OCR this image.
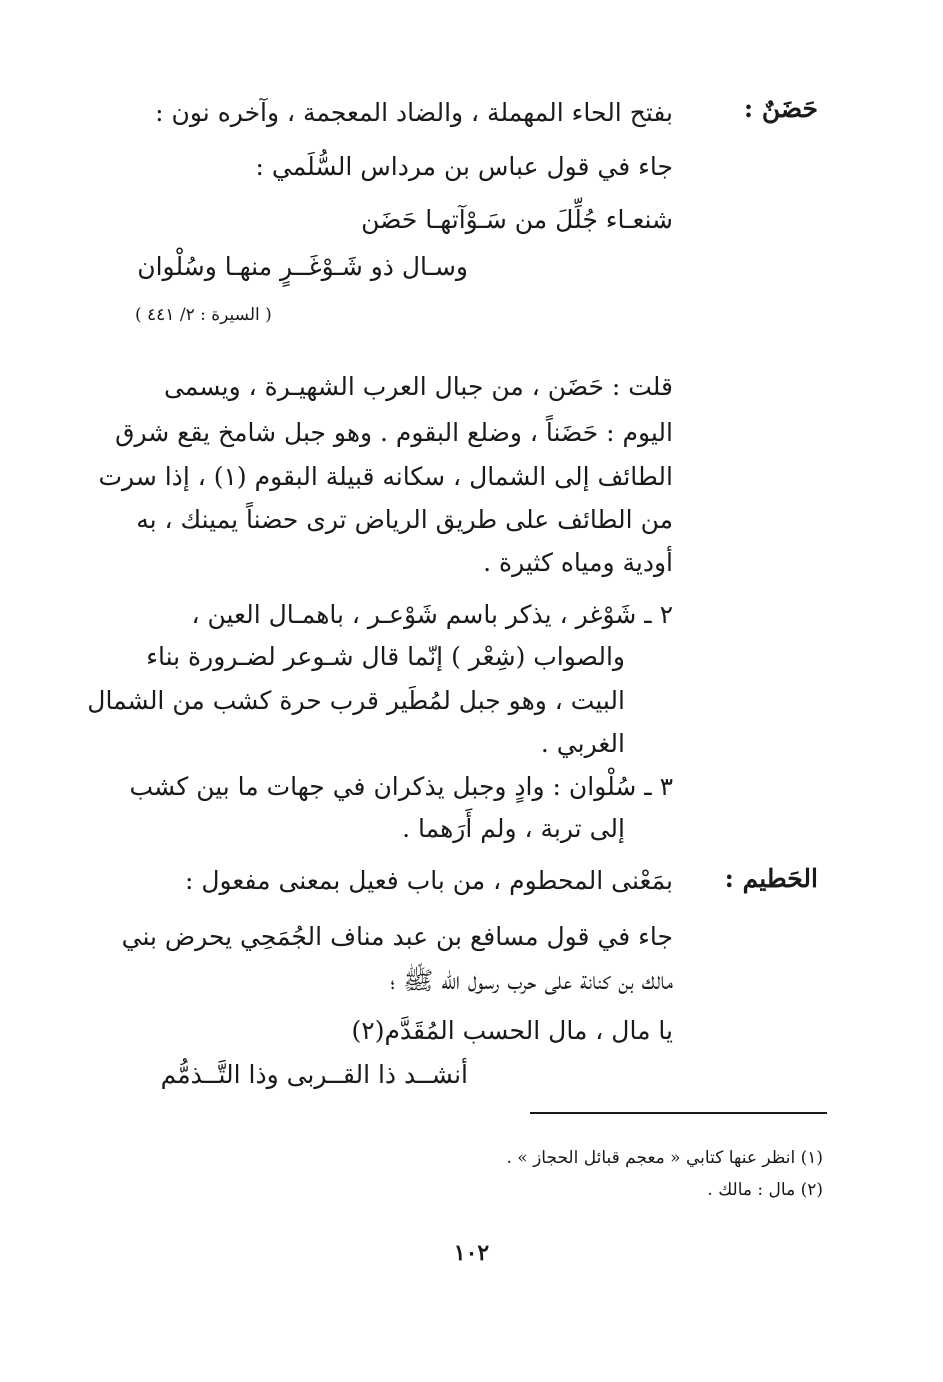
حَضَنٌ :
بفتح الحاء المهملة ، والضاد المعجمة ، وآخره نون :
جاء في قول عباس بن مرداس السُّلَمي :
شنعـاء جُلِّلَ من سَـوْآتهـا حَضَن
وسـال ذو شَـوْغَــرٍ منهـا وسُلْوان
( السيرة : ٢/ ٤٤١ )
قلت : حَضَن ، من جبال العرب الشهيـرة ، ويسمى
اليوم : حَضَناً ، وضلع البقوم . وهو جبل شامخ يقع شرق
الطائف إلى الشمال ، سكانه قبيلة البقوم (١) ، إذا سرت
من الطائف على طريق الرياض ترى حضناً يمينك ، به
أودية ومياه كثيرة .
٢ ـ شَوْغر ، يذكر باسم شَوْعـر ، باهمـال العين ،
والصواب (شِعْر ) إنّما قال شـوعر لضـرورة بناء
البيت ، وهو جبل لمُطَير قرب حرة كشب من الشمال
الغربي .
٣ ـ سُلْوان : وادٍ وجبل يذكران في جهات ما بين كشب
إلى تربة ، ولم أَرَهما .
الحَطيم :
بمَعْنى المحطوم ، من باب فعيل بمعنى مفعول :
جاء في قول مسافع بن عبد مناف الجُمَحِي يحرض بني
مالك بن كنانة على حرب رسول الله ﷺ ؛
يا مال ، مال الحسب المُقَدَّم(٢)
أنشــد ذا القــربى وذا التَّــذمُّم
(١) انظر عنها كتابي « معجم قبائل الحجاز » .
(٢) مال : مالك .
١٠٢
